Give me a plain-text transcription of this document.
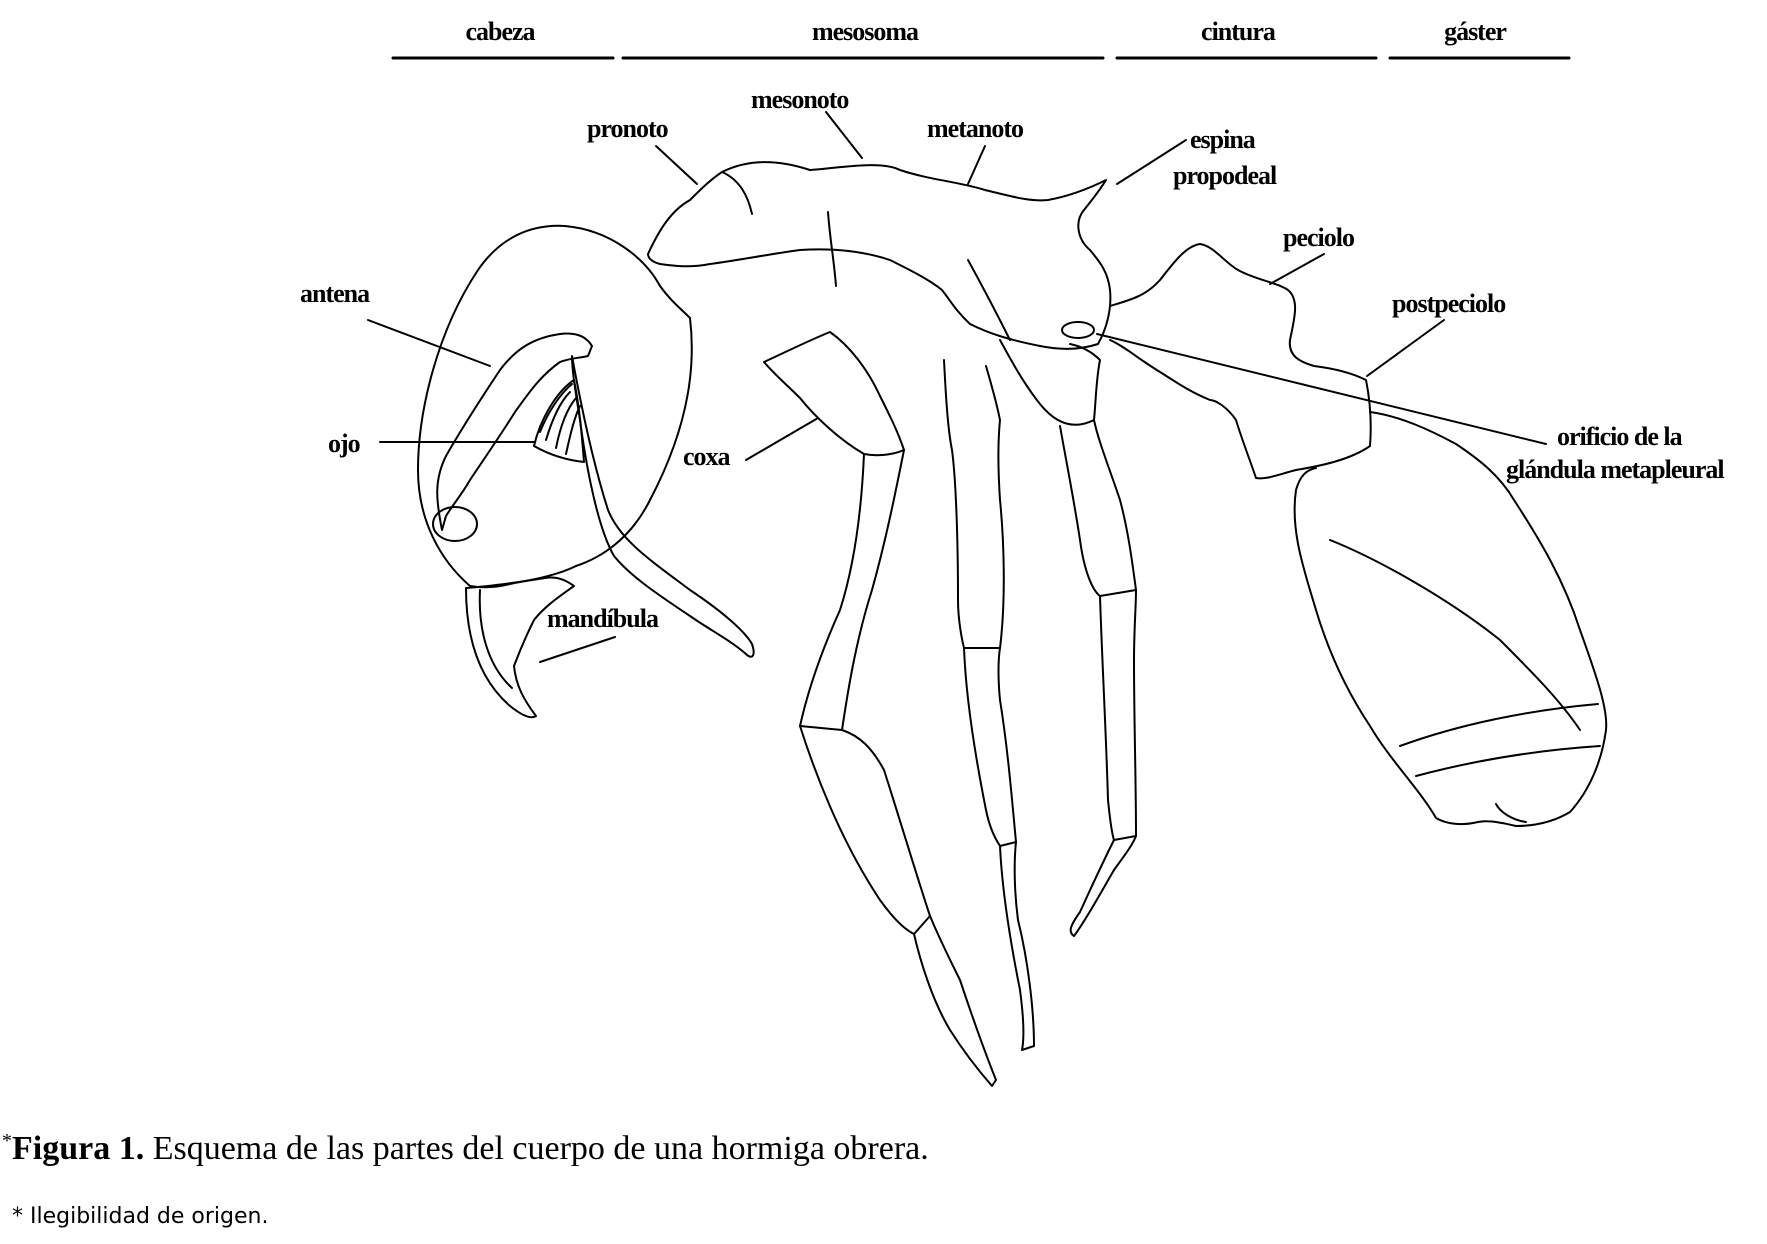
cabeza	mesosoma	cintura	gáster
pronoto
mesonoto
metanoto	espina
propodeal
peciolo
postpeciolo
antena
ojo	coxa
mandíbula
orificio de la
glándula metapleural
*Figura 1. Esquema de las partes del cuerpo de una hormiga obrera.
* Ilegibilidad de origen.
